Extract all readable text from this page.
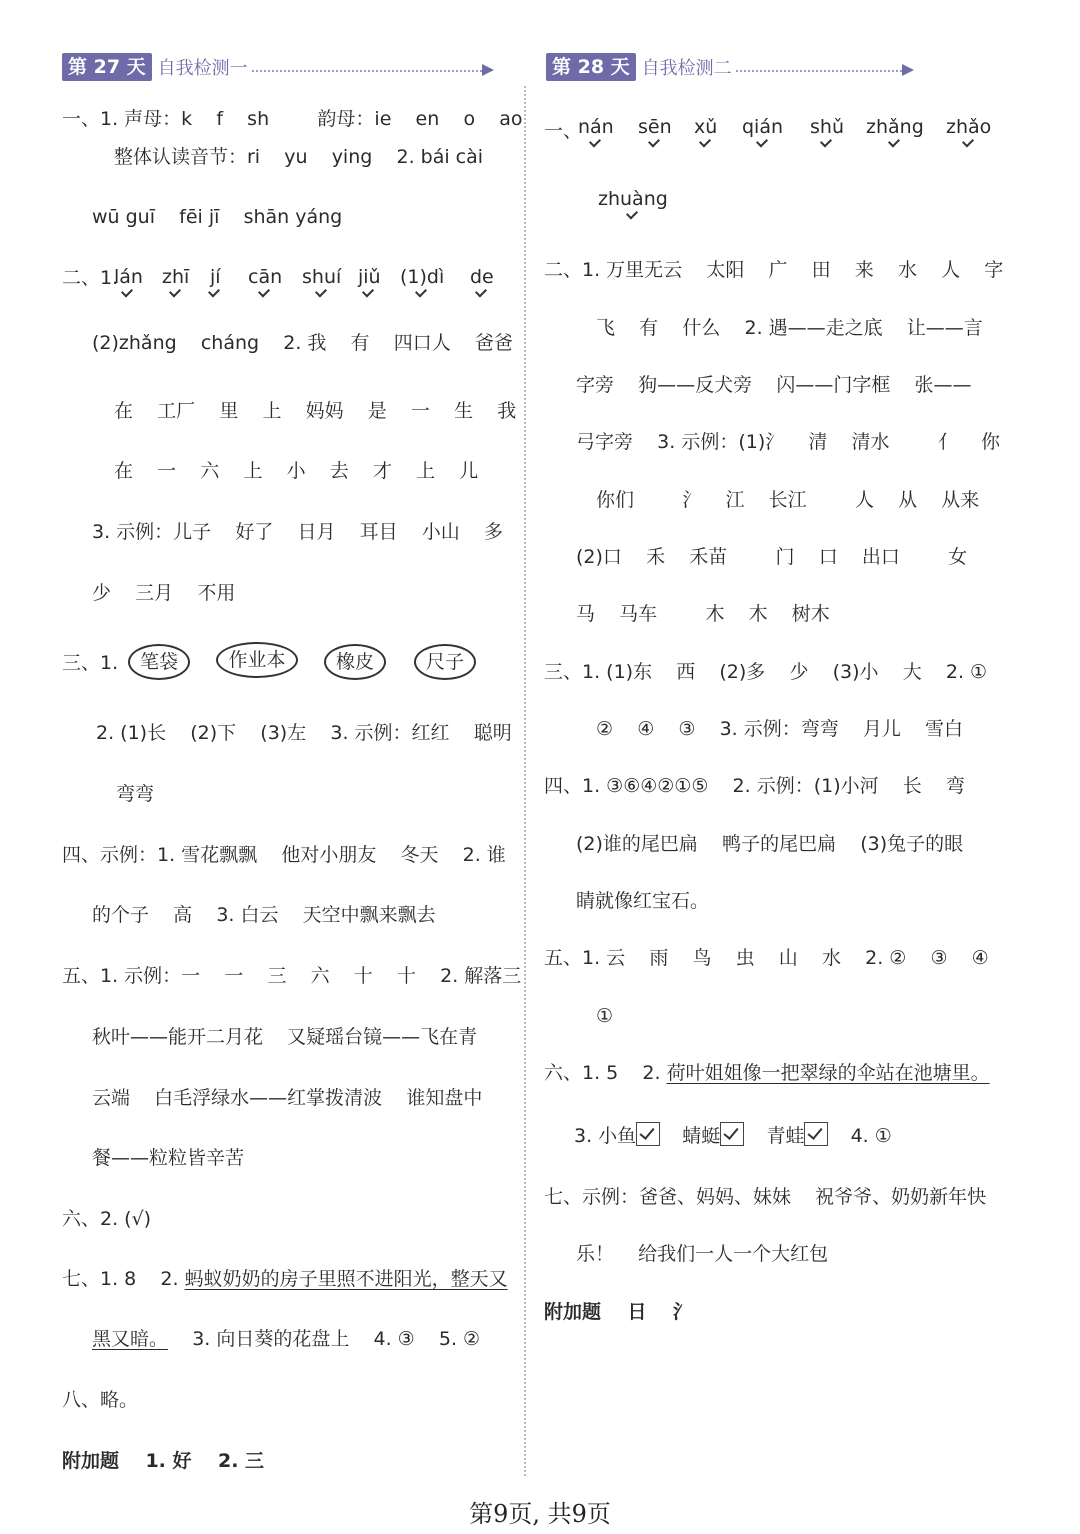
第 27 天 自我检测一
一、1. 声母：k    f    sh        韵母：ie    en    o    ao
整体认读音节：ri    yu    ying    2. bái cài
wū guī    fēi jī    shān yáng
二、1.
lán zhī jí cān shuí jiǔ (1)dì de
(2)zhǎng    cháng    2. 我    有    四口人    爸爸
在    工厂    里    上    妈妈    是    一    生    我
在    一    六    上    小    去    才    上    儿
3. 示例：儿子    好了    日月    耳目    小山    多
少    三月    不用
三、1.	笔袋	作业本	橡皮	尺子
2. (1)长    (2)下    (3)左    3. 示例：红红    聪明
弯弯
四、示例：1. 雪花飘飘    他对小朋友    冬天    2. 谁
的个子    高    3. 白云    天空中飘来飘去
五、1. 示例：一    一    三    六    十    十    2. 解落三
秋叶——能开二月花    又疑瑶台镜——飞在青
云端    白毛浮绿水——红掌拨清波    谁知盘中
餐——粒粒皆辛苦
六、2. (√)
七、1. 8    2. 蚂蚁奶奶的房子里照不进阳光，整天又
黑又暗。 3. 向日葵的花盘上    4. ③    5. ②
八、略。
附加题    1. 好    2. 三
第 28 天 自我检测二
一、
nán sēn xǔ qián shǔ zhǎng zhǎo
zhuàng
二、1. 万里无云    太阳    广    田    来    水    人    字
飞    有    什么    2. 遇——走之底    让——言
字旁    狗——反犬旁    闪——门字框    张——
弓字旁    3. 示例：(1)氵    清    清水        亻    你
你们        氵    江    长江        人    从    从来
(2)口    禾    禾苗        门    口    出口        女
马    马车        木    木    树木
三、1. (1)东    西    (2)多    少    (3)小    大    2. ①
②    ④    ③    3. 示例：弯弯    月儿    雪白
四、1. ③⑥④②①⑤    2. 示例：(1)小河    长    弯
(2)谁的尾巴扁    鸭子的尾巴扁    (3)兔子的眼
睛就像红宝石。
五、1. 云    雨    鸟    虫    山    水    2. ②    ③    ④
①
六、1. 5    2. 荷叶姐姐像一把翠绿的伞站在池塘里。
3. 小鱼 蜻蜓 青蛙 4. ①
七、示例：爸爸、妈妈、妹妹    祝爷爷、奶奶新年快
乐！    给我们一人一个大红包
附加题    日    氵
第9页, 共9页
